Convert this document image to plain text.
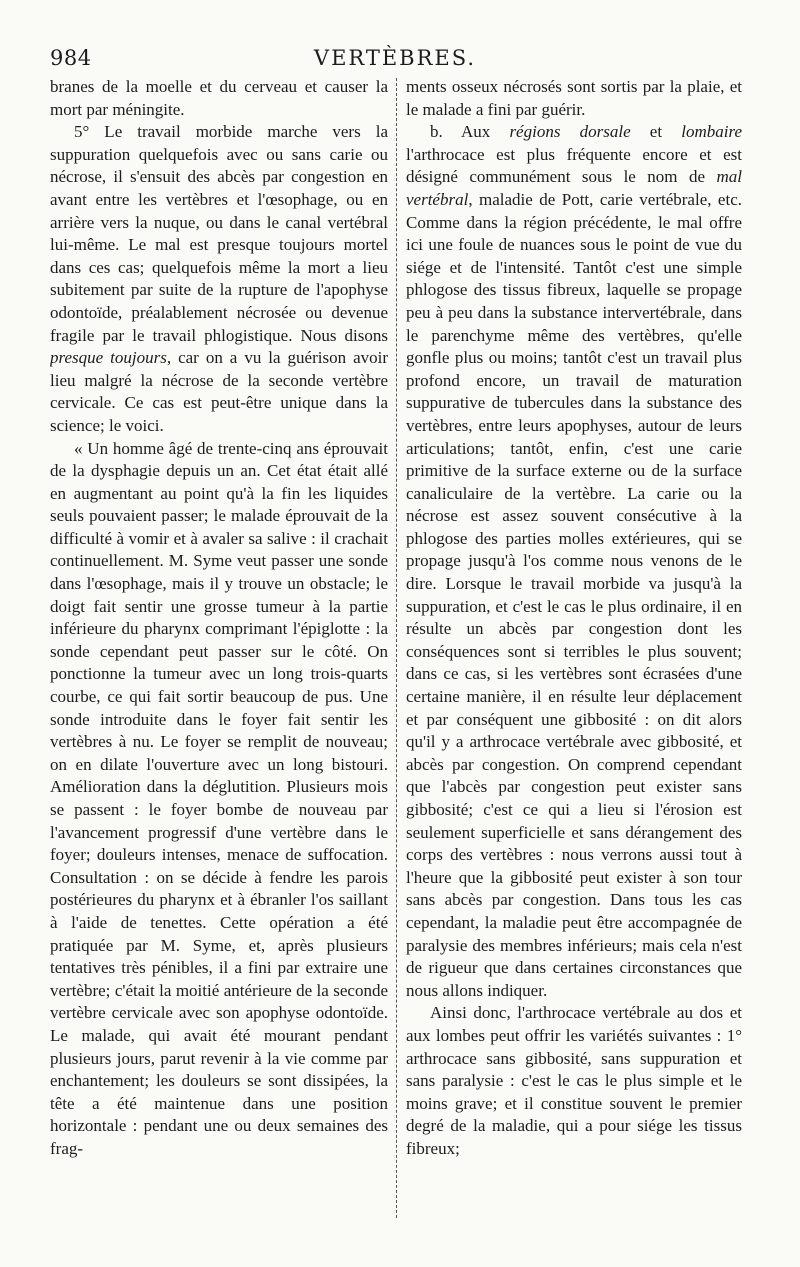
984	VERTÈBRES.

branes de la moelle et du cerveau et causer la mort par méningite.

5° Le travail morbide marche vers la suppuration quelquefois avec ou sans carie ou nécrose, il s'ensuit des abcès par congestion en avant entre les vertèbres et l'œsophage, ou en arrière vers la nuque, ou dans le canal vertébral lui-même. Le mal est presque toujours mortel dans ces cas; quelquefois même la mort a lieu subitement par suite de la rupture de l'apophyse odontoïde, préalablement nécrosée ou devenue fragile par le travail phlogistique. Nous disons presque toujours, car on a vu la guérison avoir lieu malgré la nécrose de la seconde vertèbre cervicale. Ce cas est peut-être unique dans la science; le voici.

« Un homme âgé de trente-cinq ans éprouvait de la dysphagie depuis un an. Cet état était allé en augmentant au point qu'à la fin les liquides seuls pouvaient passer; le malade éprouvait de la difficulté à vomir et à avaler sa salive : il crachait continuellement. M. Syme veut passer une sonde dans l'œsophage, mais il y trouve un obstacle; le doigt fait sentir une grosse tumeur à la partie inférieure du pharynx comprimant l'épiglotte : la sonde cependant peut passer sur le côté. On ponctionne la tumeur avec un long trois-quarts courbe, ce qui fait sortir beaucoup de pus. Une sonde introduite dans le foyer fait sentir les vertèbres à nu. Le foyer se remplit de nouveau; on en dilate l'ouverture avec un long bistouri. Amélioration dans la déglutition. Plusieurs mois se passent : le foyer bombe de nouveau par l'avancement progressif d'une vertèbre dans le foyer; douleurs intenses, menace de suffocation. Consultation : on se décide à fendre les parois postérieures du pharynx et à ébranler l'os saillant à l'aide de tenettes. Cette opération a été pratiquée par M. Syme, et, après plusieurs tentatives très pénibles, il a fini par extraire une vertèbre; c'était la moitié antérieure de la seconde vertèbre cervicale avec son apophyse odontoïde. Le malade, qui avait été mourant pendant plusieurs jours, parut revenir à la vie comme par enchantement; les douleurs se sont dissipées, la tête a été maintenue dans une position horizontale : pendant une ou deux semaines des frag-

ments osseux nécrosés sont sortis par la plaie, et le malade a fini par guérir.

b. Aux régions dorsale et lombaire l'arthrocace est plus fréquente encore et est désigné communément sous le nom de mal vertébral, maladie de Pott, carie vertébrale, etc. Comme dans la région précédente, le mal offre ici une foule de nuances sous le point de vue du siége et de l'intensité. Tantôt c'est une simple phlogose des tissus fibreux, laquelle se propage peu à peu dans la substance intervertébrale, dans le parenchyme même des vertèbres, qu'elle gonfle plus ou moins; tantôt c'est un travail plus profond encore, un travail de maturation suppurative de tubercules dans la substance des vertèbres, entre leurs apophyses, autour de leurs articulations; tantôt, enfin, c'est une carie primitive de la surface externe ou de la surface canaliculaire de la vertèbre. La carie ou la nécrose est assez souvent consécutive à la phlogose des parties molles extérieures, qui se propage jusqu'à l'os comme nous venons de le dire. Lorsque le travail morbide va jusqu'à la suppuration, et c'est le cas le plus ordinaire, il en résulte un abcès par congestion dont les conséquences sont si terribles le plus souvent; dans ce cas, si les vertèbres sont écrasées d'une certaine manière, il en résulte leur déplacement et par conséquent une gibbosité : on dit alors qu'il y a arthrocace vertébrale avec gibbosité, et abcès par congestion. On comprend cependant que l'abcès par congestion peut exister sans gibbosité; c'est ce qui a lieu si l'érosion est seulement superficielle et sans dérangement des corps des vertèbres : nous verrons aussi tout à l'heure que la gibbosité peut exister à son tour sans abcès par congestion. Dans tous les cas cependant, la maladie peut être accompagnée de paralysie des membres inférieurs; mais cela n'est de rigueur que dans certaines circonstances que nous allons indiquer.

Ainsi donc, l'arthrocace vertébrale au dos et aux lombes peut offrir les variétés suivantes : 1° arthrocace sans gibbosité, sans suppuration et sans paralysie : c'est le cas le plus simple et le moins grave; et il constitue souvent le premier degré de la maladie, qui a pour siége les tissus fibreux;
